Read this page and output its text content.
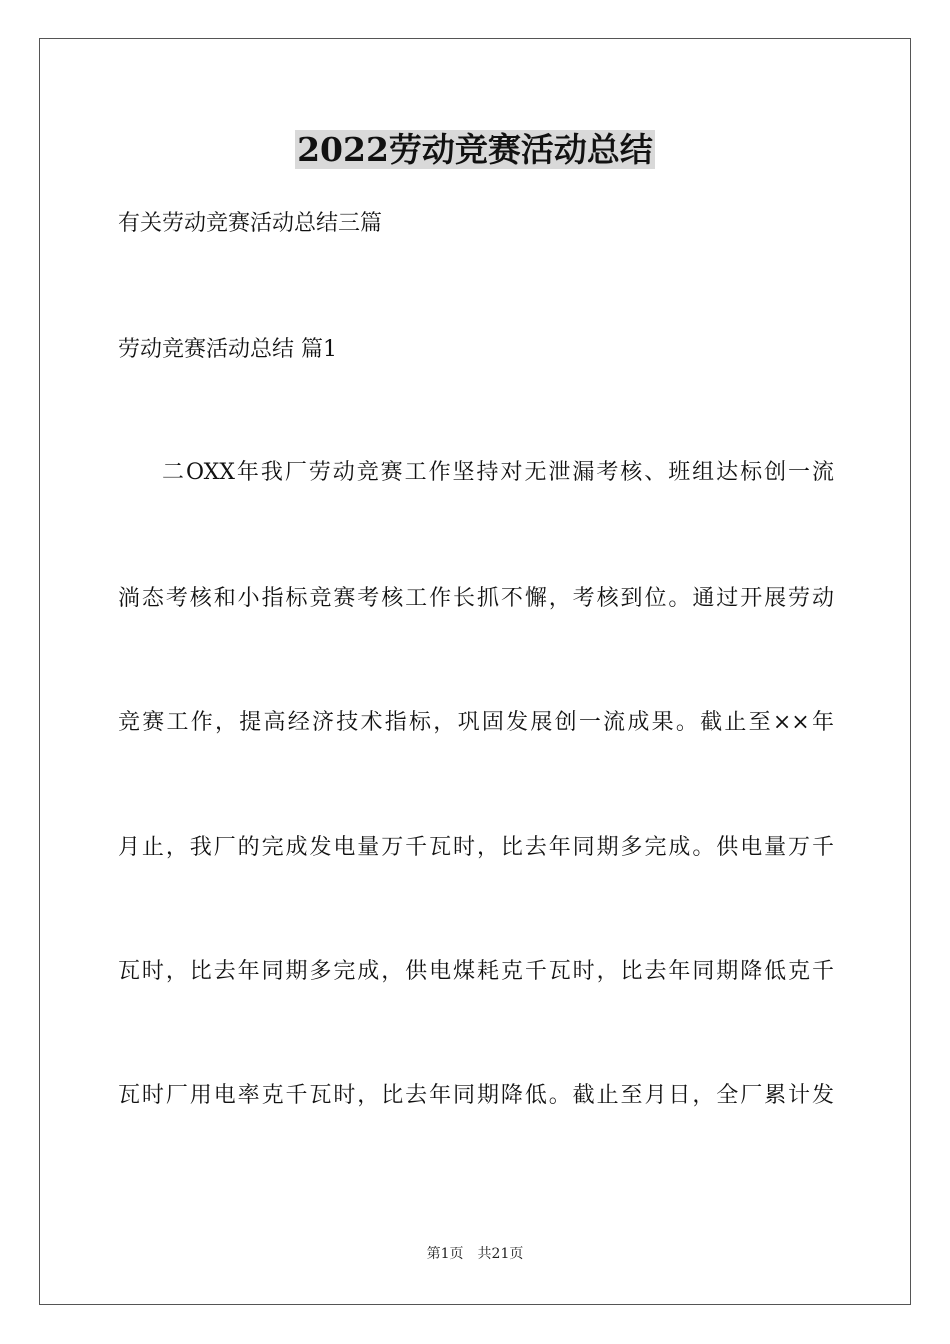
2022劳动竞赛活动总结

有关劳动竞赛活动总结三篇

劳动竞赛活动总结 篇1

二OXX年我厂劳动竞赛工作坚持对无泄漏考核、班组达标创一流

淌态考核和小指标竞赛考核工作长抓不懈，考核到位。通过开展劳动

竞赛工作，提高经济技术指标，巩固发展创一流成果。截止至××年

月止，我厂的完成发电量万千瓦时，比去年同期多完成。供电量万千

瓦时，比去年同期多完成，供电煤耗克千瓦时，比去年同期降低克千

瓦时厂用电率克千瓦时，比去年同期降低。截止至月日，全厂累计发

第1页 共21页
